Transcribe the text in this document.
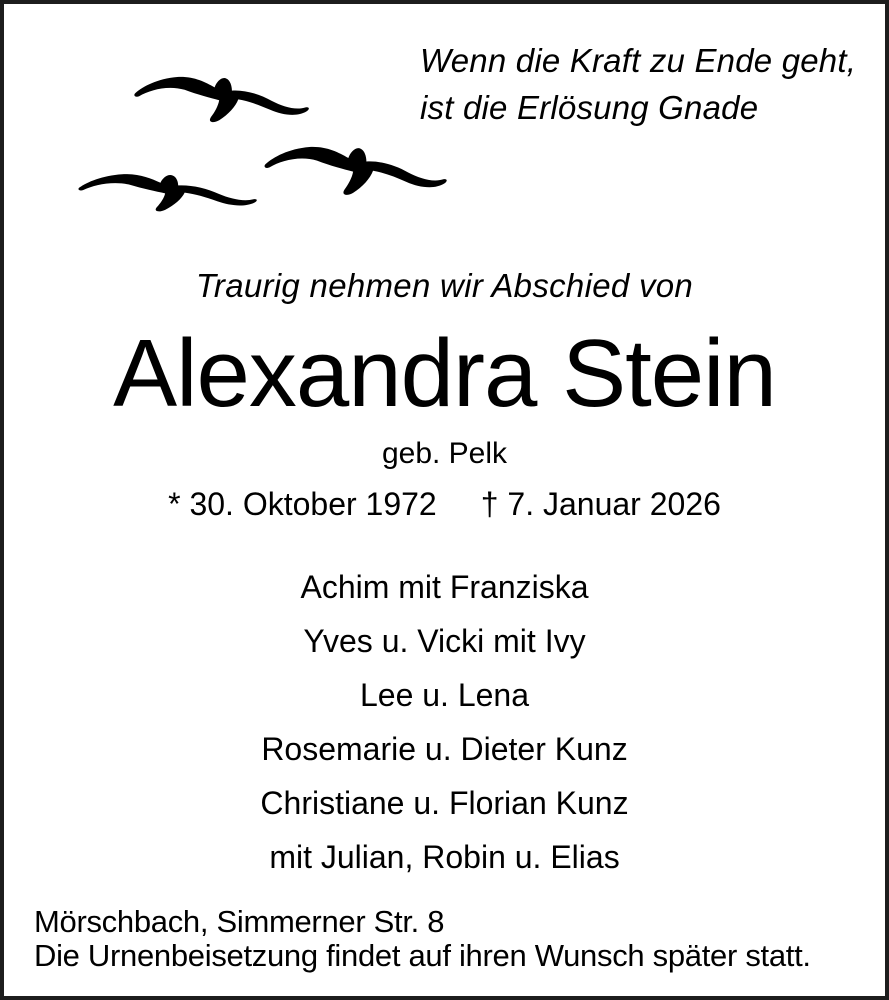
Wenn die Kraft zu Ende geht,
ist die Erlösung Gnade
Traurig nehmen wir Abschied von
Alexandra Stein
geb. Pelk
* 30. Oktober 1972 † 7. Januar 2026
Achim mit Franziska
Yves u. Vicki mit Ivy
Lee u. Lena
Rosemarie u. Dieter Kunz
Christiane u. Florian Kunz
mit Julian, Robin u. Elias
Mörschbach, Simmerner Str. 8
Die Urnenbeisetzung findet auf ihren Wunsch später statt.
